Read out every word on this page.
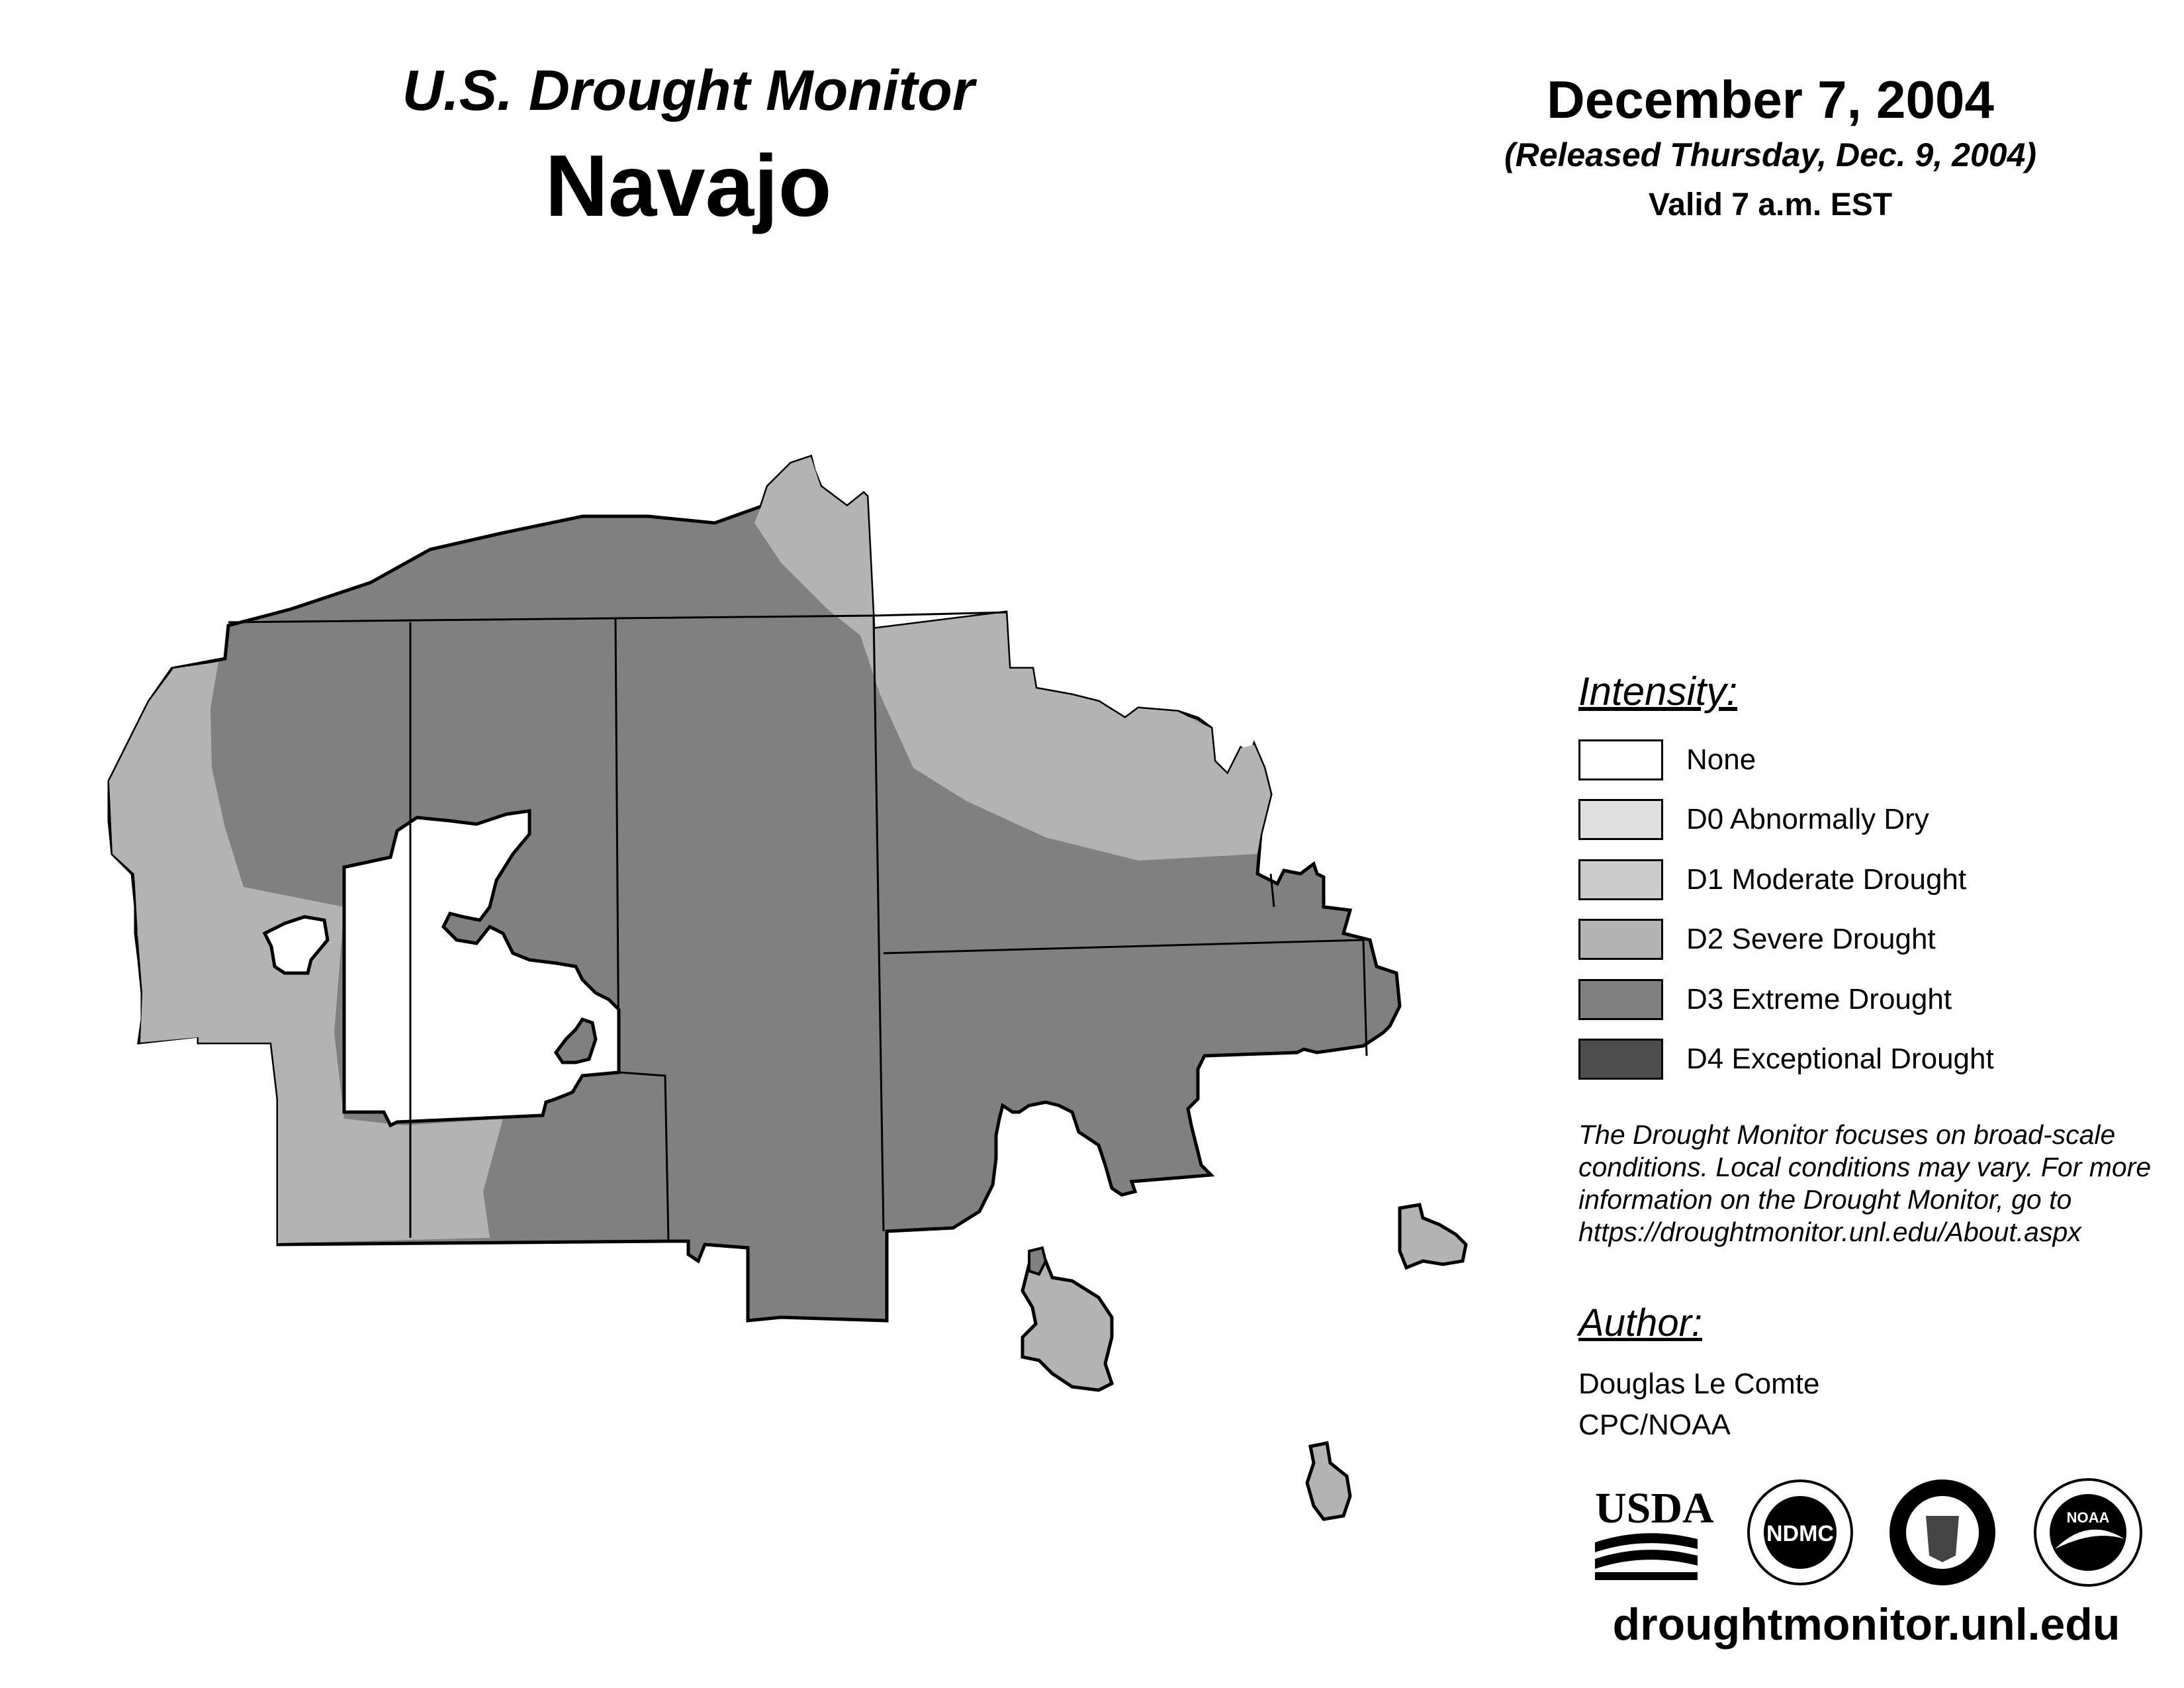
U.S. Drought Monitor
Navajo
December 7, 2004
(Released Thursday, Dec. 9, 2004)
Valid 7 a.m. EST
Intensity:
None
D0 Abnormally Dry
D1 Moderate Drought
D2 Severe Drought
D3 Extreme Drought
D4 Exceptional Drought
The Drought Monitor focuses on broad-scale conditions. Local conditions may vary. For more information on the Drought Monitor, go to https://droughtmonitor.unl.edu/About.aspx
Author:
Douglas Le Comte
CPC/NOAA
USDA
NDMC
NOAA
droughtmonitor.unl.edu
